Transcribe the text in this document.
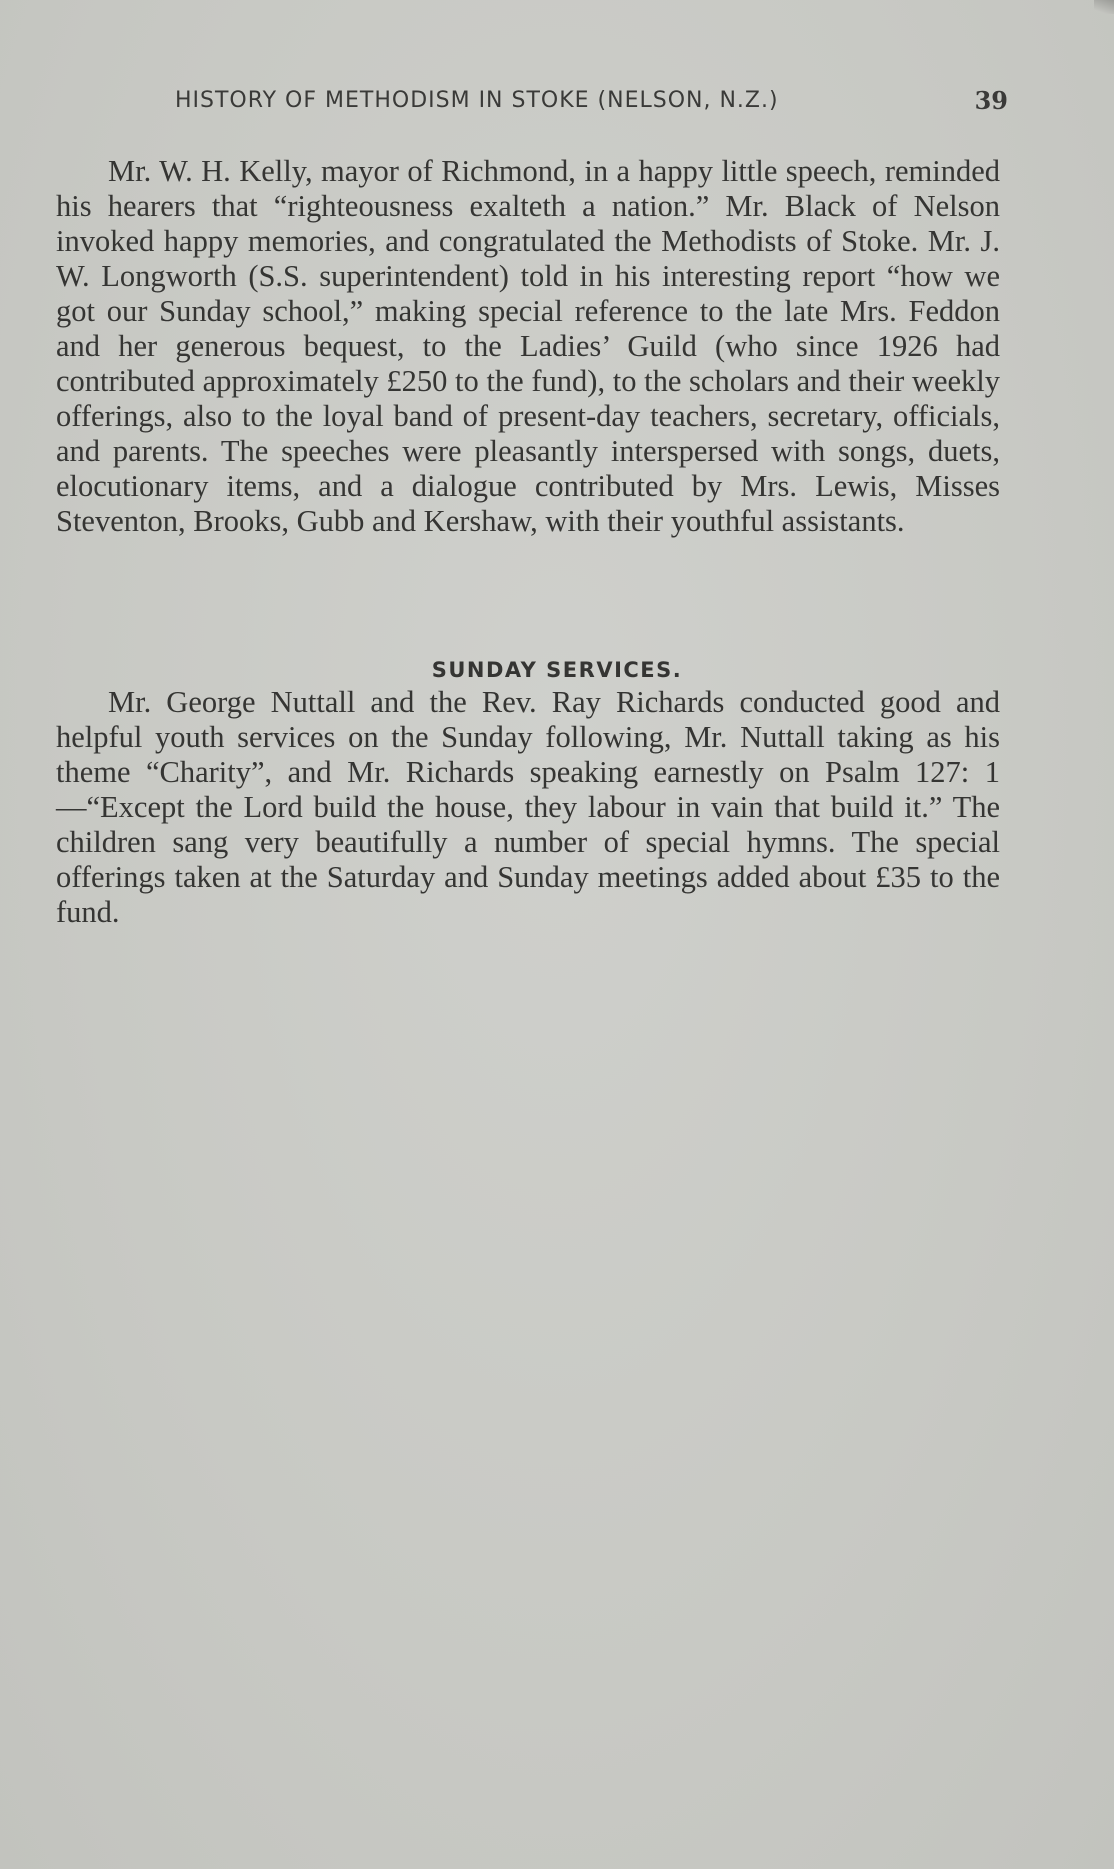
HISTORY OF METHODISM IN STOKE (NELSON, N.Z.)	39

Mr. W. H. Kelly, mayor of Richmond, in a happy little speech, reminded his hearers that “righteousness exalteth a nation.” Mr. Black of Nelson invoked happy memories, and congratulated the Methodists of Stoke. Mr. J. W. Longworth (S.S. superintendent) told in his interesting report “how we got our Sunday school,” making special reference to the late Mrs. Feddon and her generous bequest, to the Ladies’ Guild (who since 1926 had contributed approximately £250 to the fund), to the scholars and their weekly offerings, also to the loyal band of present-day teachers, secretary, officials, and parents. The speeches were pleasantly interspersed with songs, duets, elocutionary items, and a dialogue contributed by Mrs. Lewis, Misses Steventon, Brooks, Gubb and Kershaw, with their youthful assistants.

SUNDAY SERVICES.

Mr. George Nuttall and the Rev. Ray Richards conducted good and helpful youth services on the Sunday following, Mr. Nuttall taking as his theme “Charity”, and Mr. Richards speaking earnestly on Psalm 127: 1—“Except the Lord build the house, they labour in vain that build it.” The children sang very beautifully a number of special hymns. The special offerings taken at the Saturday and Sunday meetings added about £35 to the fund.
